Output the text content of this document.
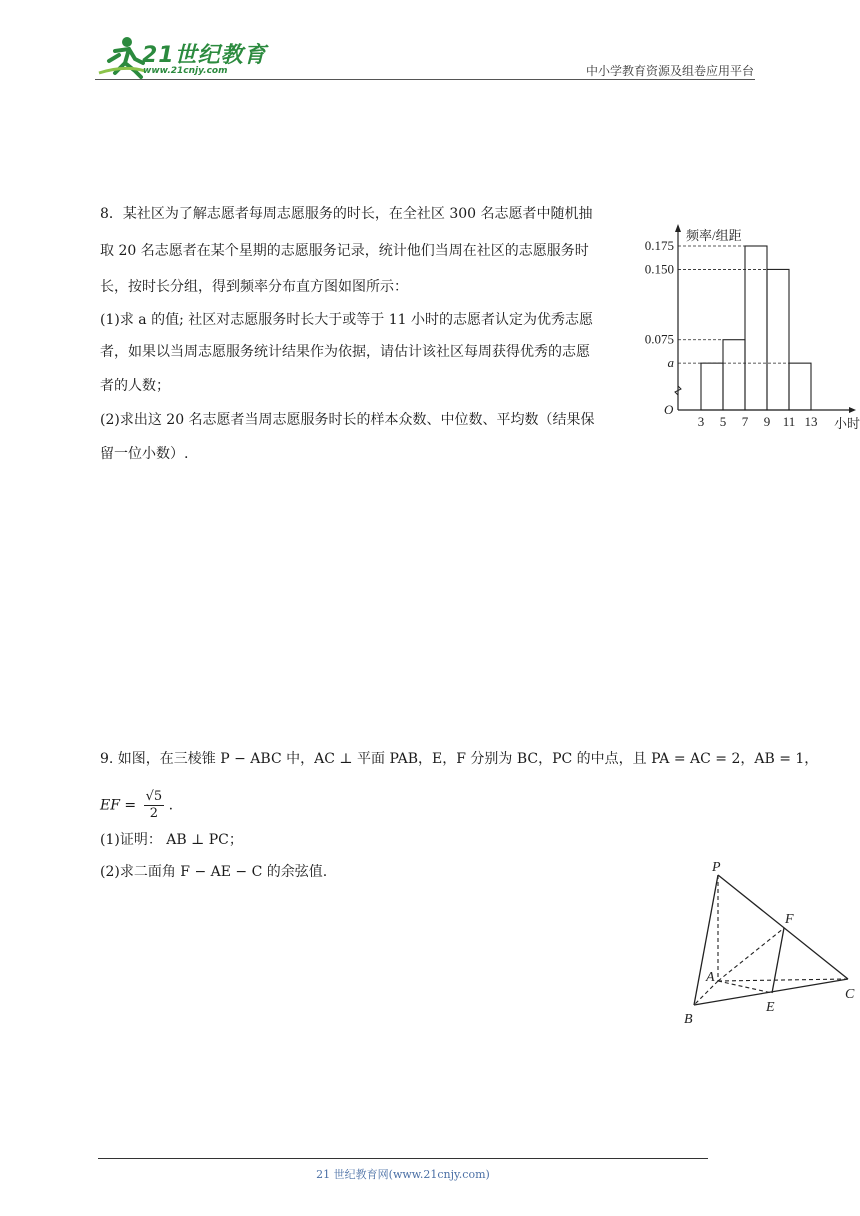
21世纪教育
www.21cnjy.com	中小学教育资源及组卷应用平台
8．某社区为了解志愿者每周志愿服务的时长，在全社区 300 名志愿者中随机抽
取 20 名志愿者在某个星期的志愿服务记录，统计他们当周在社区的志愿服务时
长，按时长分组，得到频率分布直方图如图所示：
(1)求 a 的值; 社区对志愿服务时长大于或等于 11 小时的志愿者认定为优秀志愿
者，如果以当周志愿服务统计结果作为依据，请估计该社区每周获得优秀的志愿
者的人数；
(2)求出这 20 名志愿者当周志愿服务时长的样本众数、中位数、平均数（结果保
留一位小数）.
0.175
0.150
0.075
a
3 5 7 9 11 13
O
频率/组距
小时
9. 如图，在三棱锥 P − ABC 中，AC ⊥ 平面 PAB，E，F 分别为 BC，PC 的中点，且 PA = AC = 2，AB = 1，
EF = $\frac{√5}{2}$ .
(1)证明： AB ⊥ PC；
(2)求二面角 F − AE − C 的余弦值.	P
A
B
C
E
F
21 世纪教育网(www.21cnjy.com)
